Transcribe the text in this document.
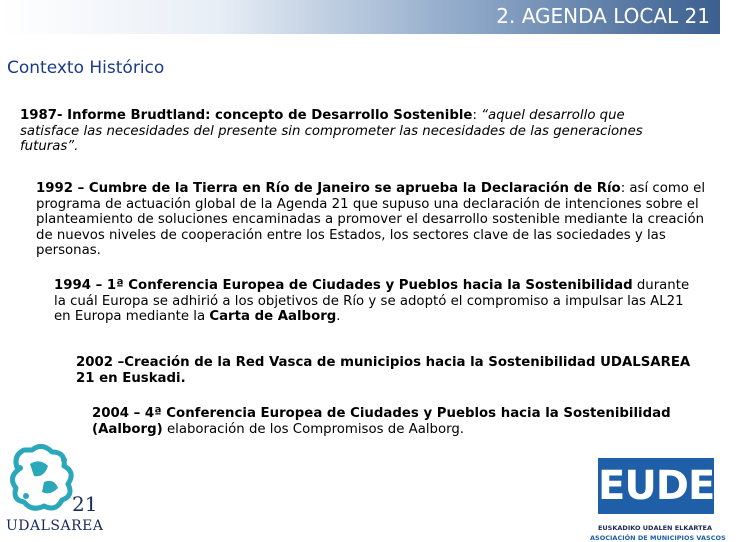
2. AGENDA LOCAL 21
Contexto Histórico
1987- Informe Brudtland: concepto de Desarrollo Sostenible: “aquel desarrollo que satisface las necesidades del presente sin comprometer las necesidades de las generaciones futuras”.
1992 – Cumbre de la Tierra en Río de Janeiro se aprueba la Declaración de Río: así como el programa de actuación global de la Agenda 21 que supuso una declaración de intenciones sobre el planteamiento de soluciones encaminadas a promover el desarrollo sostenible mediante la creación de nuevos niveles de cooperación entre los Estados, los sectores clave de las sociedades y las personas.
1994 – 1ª Conferencia Europea de Ciudades y Pueblos hacia la Sostenibilidad durante la cuál Europa se adhirió a los objetivos de Río y se adoptó el compromiso a impulsar las AL21 en Europa mediante la Carta de Aalborg.
2002 –Creación de la Red Vasca de municipios hacia la Sostenibilidad UDALSAREA 21 en Euskadi.
2004 – 4ª Conferencia Europea de Ciudades y Pueblos hacia la Sostenibilidad (Aalborg) elaboración de los Compromisos de Aalborg.
21
UDALSAREA
EUDEL
EUSKADIKO UDALEN ELKARTEA
ASOCIACIÓN DE MUNICIPIOS VASCOS
